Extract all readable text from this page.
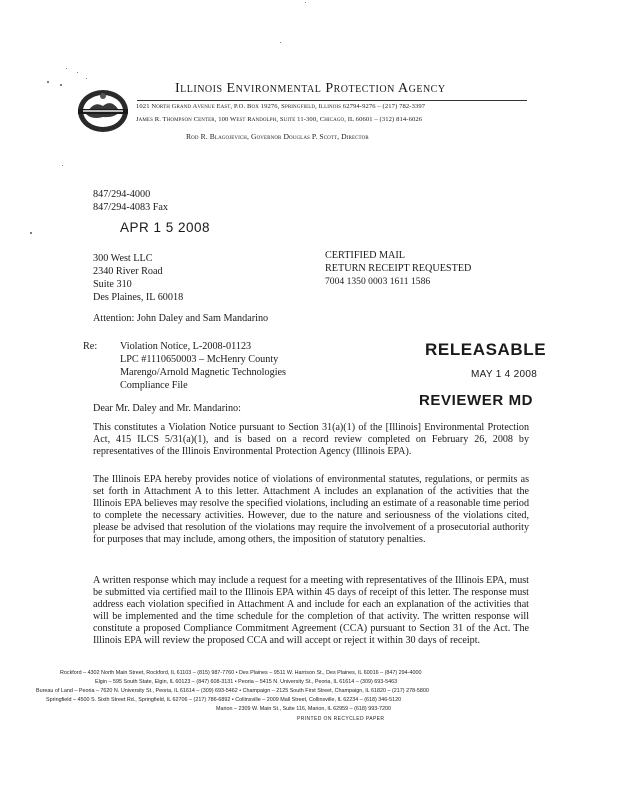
Illinois Environmental Protection Agency
1021 North Grand Avenue East, P.O. Box 19276, Springfield, Illinois 62794-9276 – (217) 782-3397
James R. Thompson Center, 100 West Randolph, Suite 11-300, Chicago, IL 60601 – (312) 814-6026
Rod R. Blagojevich, Governor Douglas P. Scott, Director
847/294-4000
847/294-4083 Fax
APR 1 5 2008
300 West LLC
2340 River Road
Suite 310
Des Plaines, IL 60018
CERTIFIED MAIL
RETURN RECEIPT REQUESTED
7004 1350 0003 1611 1586
Attention: John Daley and Sam Mandarino
Re: Violation Notice, L-2008-01123
LPC #1110650003 – McHenry County
Marengo/Arnold Magnetic Technologies
Compliance File
RELEASABLE
MAY 1 4 2008
REVIEWER MD
Dear Mr. Daley and Mr. Mandarino:
This constitutes a Violation Notice pursuant to Section 31(a)(1) of the [Illinois] Environmental Protection Act, 415 ILCS 5/31(a)(1), and is based on a record review completed on February 26, 2008 by representatives of the Illinois Environmental Protection Agency (Illinois EPA).
The Illinois EPA hereby provides notice of violations of environmental statutes, regulations, or permits as set forth in Attachment A to this letter. Attachment A includes an explanation of the activities that the Illinois EPA believes may resolve the specified violations, including an estimate of a reasonable time period to complete the necessary activities. However, due to the nature and seriousness of the violations cited, please be advised that resolution of the violations may require the involvement of a prosecutorial authority for purposes that may include, among others, the imposition of statutory penalties.
A written response which may include a request for a meeting with representatives of the Illinois EPA, must be submitted via certified mail to the Illinois EPA within 45 days of receipt of this letter. The response must address each violation specified in Attachment A and include for each an explanation of the activities that will be implemented and the time schedule for the completion of that activity. The written response will constitute a proposed Compliance Commitment Agreement (CCA) pursuant to Section 31 of the Act. The Illinois EPA will review the proposed CCA and will accept or reject it within 30 days of receipt.
Rockford – 4302 North Main Street, Rockford, IL 61103 – (815) 987-7760 • Des Plaines – 9511 W. Harrison St., Des Plaines, IL 60016 – (847) 294-4000
Elgin – 595 South State, Elgin, IL 60123 – (847) 608-3131 • Peoria – 5415 N. University St., Peoria, IL 61614 – (309) 693-5463
Bureau of Land – Peoria – 7620 N. University St., Peoria, IL 61614 – (309) 693-5462 • Champaign – 2125 South First Street, Champaign, IL 61820 – (217) 278-5800
Springfield – 4500 S. Sixth Street Rd., Springfield, IL 62706 – (217) 786-6892 • Collinsville – 2009 Mall Street, Collinsville, IL 62234 – (618) 346-5120
Marion – 2309 W. Main St., Suite 116, Marion, IL 62959 – (618) 993-7200
PRINTED ON RECYCLED PAPER
